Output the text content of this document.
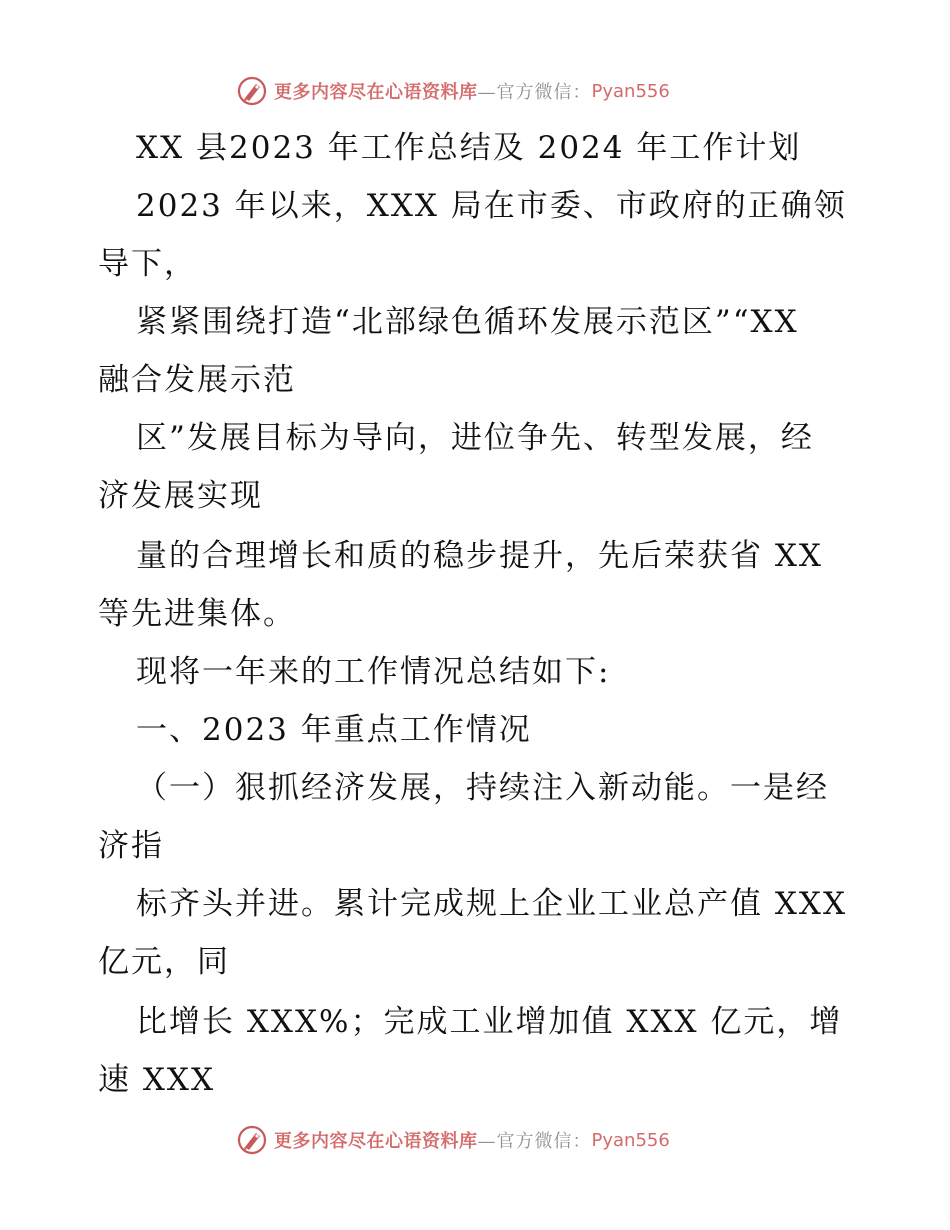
更多内容尽在心语资料库 —官方微信： Pyan556

XX 县2023 年工作总结及 2024 年工作计划

2023 年以来，XXX 局在市委、市政府的正确领

导下，

紧紧围绕打造“北部绿色循环发展示范区”“XX

融合发展示范

区”发展目标为导向，进位争先、转型发展，经

济发展实现

量的合理增长和质的稳步提升，先后荣获省 XX

等先进集体。

现将一年来的工作情况总结如下:

一、2023 年重点工作情况

（一）狠抓经济发展，持续注入新动能。一是经

济指

标齐头并进。累计完成规上企业工业总产值 XXX

亿元，同

比增长 XXX%；完成工业增加值 XXX 亿元，增

速 XXX

更多内容尽在心语资料库 —官方微信： Pyan556
